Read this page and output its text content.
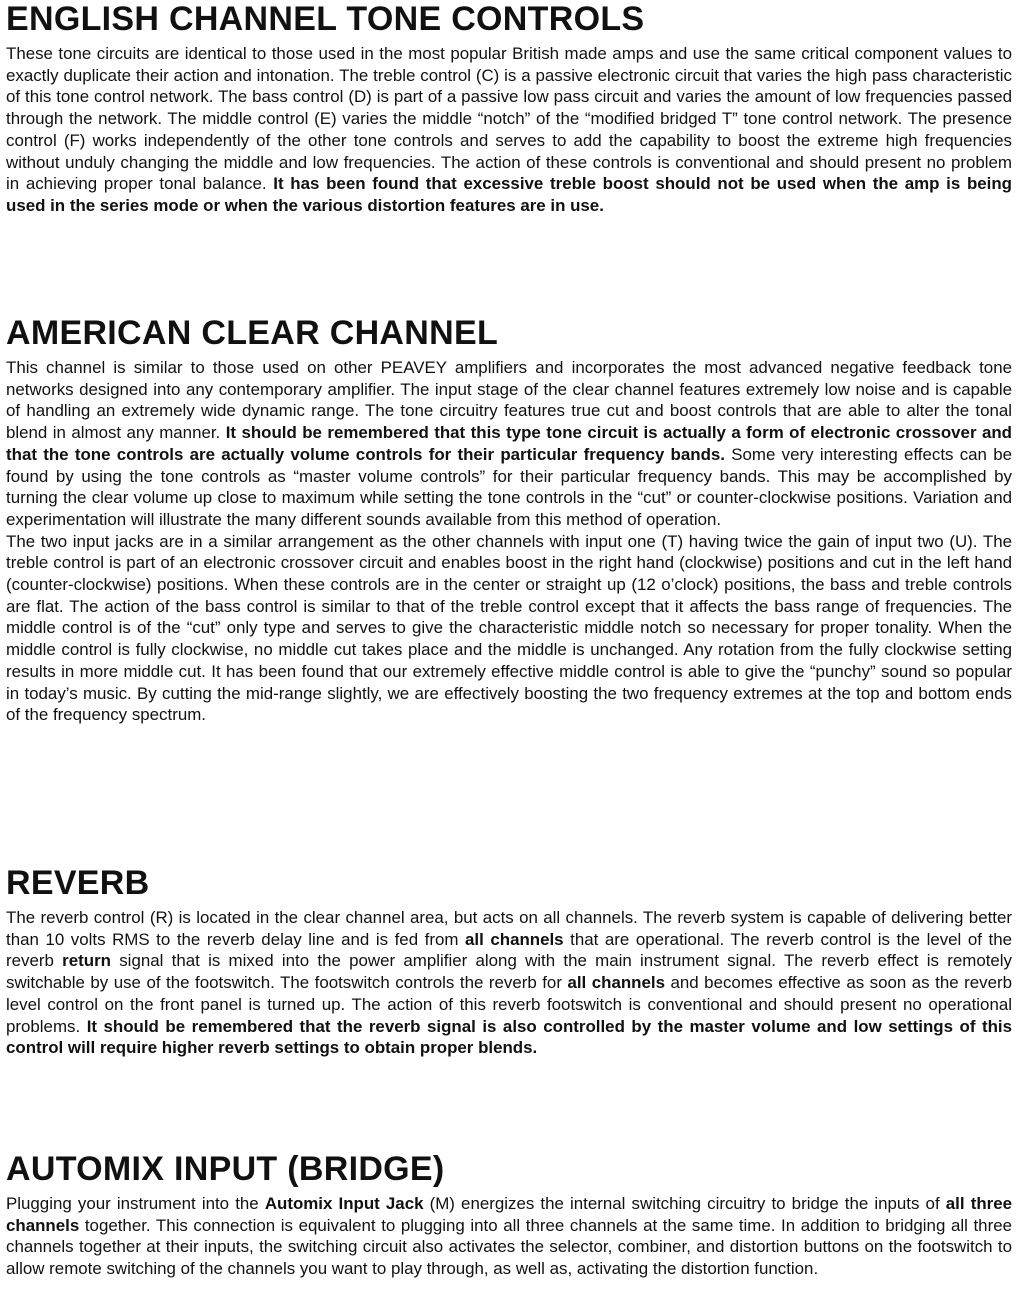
ENGLISH CHANNEL TONE CONTROLS

These tone circuits are identical to those used in the most popular British made amps and use the same critical component values to exactly duplicate their action and intonation. The treble control (C) is a passive electronic circuit that varies the high pass characteristic of this tone control network. The bass control (D) is part of a passive low pass circuit and varies the amount of low frequencies passed through the network. The middle control (E) varies the middle “notch” of the “modified bridged T” tone control network. The presence control (F) works independently of the other tone controls and serves to add the capability to boost the extreme high frequencies without unduly changing the middle and low frequencies. The action of these controls is conventional and should present no problem in achieving proper tonal balance. It has been found that excessive treble boost should not be used when the amp is being used in the series mode or when the various distortion features are in use.

AMERICAN CLEAR CHANNEL

This channel is similar to those used on other PEAVEY amplifiers and incorporates the most advanced negative feedback tone networks designed into any contemporary amplifier. The input stage of the clear channel features extremely low noise and is capable of handling an extremely wide dynamic range. The tone circuitry features true cut and boost controls that are able to alter the tonal blend in almost any manner. It should be remembered that this type tone circuit is actually a form of electronic crossover and that the tone controls are actually volume controls for their particular frequency bands. Some very interesting effects can be found by using the tone controls as “master volume controls” for their particular frequency bands. This may be accomplished by turning the clear volume up close to maximum while setting the tone controls in the “cut” or counter-clockwise positions. Variation and experimentation will illustrate the many different sounds available from this method of operation.

The two input jacks are in a similar arrangement as the other channels with input one (T) having twice the gain of input two (U). The treble control is part of an electronic crossover circuit and enables boost in the right hand (clockwise) positions and cut in the left hand (counter-clockwise) positions. When these controls are in the center or straight up (12 o’clock) positions, the bass and treble controls are flat. The action of the bass control is similar to that of the treble control except that it affects the bass range of frequencies. The middle control is of the “cut” only type and serves to give the characteristic middle notch so necessary for proper tonality. When the middle control is fully clockwise, no middle cut takes place and the middle is unchanged. Any rotation from the fully clockwise setting results in more middle cut. It has been found that our extremely effective middle control is able to give the “punchy” sound so popular in today’s music. By cutting the mid-range slightly, we are effectively boosting the two frequency extremes at the top and bottom ends of the frequency spectrum.

REVERB

The reverb control (R) is located in the clear channel area, but acts on all channels. The reverb system is capable of delivering better than 10 volts RMS to the reverb delay line and is fed from all channels that are operational. The reverb control is the level of the reverb return signal that is mixed into the power amplifier along with the main instrument signal. The reverb effect is remotely switchable by use of the footswitch. The footswitch controls the reverb for all channels and becomes effective as soon as the reverb level control on the front panel is turned up. The action of this reverb footswitch is conventional and should present no operational problems. It should be remembered that the reverb signal is also controlled by the master volume and low settings of this control will require higher reverb settings to obtain proper blends.

AUTOMIX INPUT (BRIDGE)

Plugging your instrument into the Automix Input Jack (M) energizes the internal switching circuitry to bridge the inputs of all three channels together. This connection is equivalent to plugging into all three channels at the same time. In addition to bridging all three channels together at their inputs, the switching circuit also activates the selector, combiner, and distortion buttons on the footswitch to allow remote switching of the channels you want to play through, as well as, activating the distortion function.
